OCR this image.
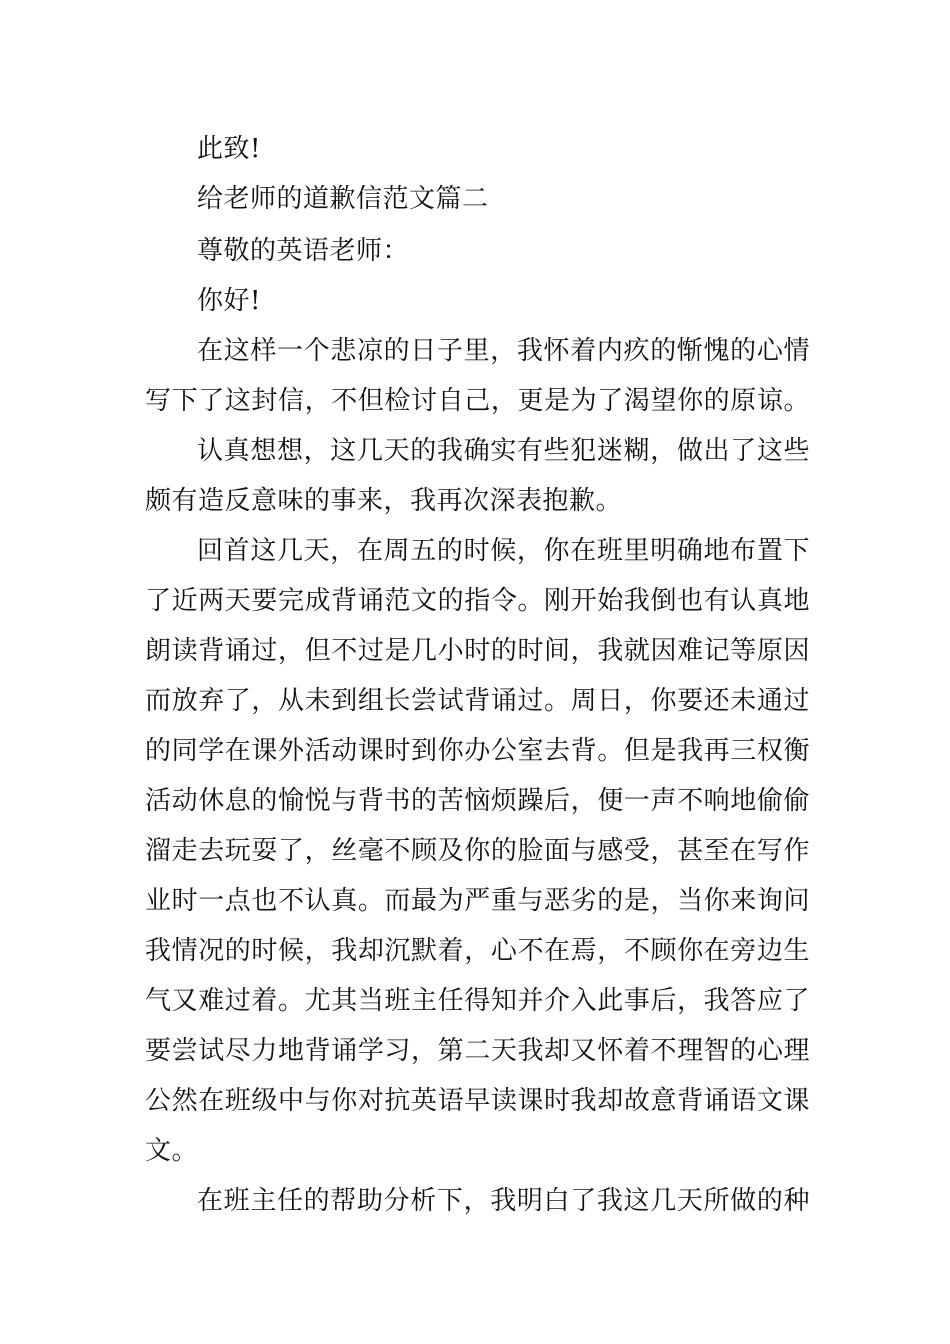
此致!

给老师的道歉信范文篇二

尊敬的英语老师：

你好!

在这样一个悲凉的日子里，我怀着内疚的惭愧的心情

写下了这封信，不但检讨自己，更是为了渴望你的原谅。

认真想想，这几天的我确实有些犯迷糊，做出了这些

颇有造反意味的事来，我再次深表抱歉。

回首这几天，在周五的时候，你在班里明确地布置下

了近两天要完成背诵范文的指令。刚开始我倒也有认真地

朗读背诵过，但不过是几小时的时间，我就因难记等原因

而放弃了，从未到组长尝试背诵过。周日，你要还未通过

的同学在课外活动课时到你办公室去背。但是我再三权衡

活动休息的愉悦与背书的苦恼烦躁后，便一声不响地偷偷

溜走去玩耍了，丝毫不顾及你的脸面与感受，甚至在写作

业时一点也不认真。而最为严重与恶劣的是，当你来询问

我情况的时候，我却沉默着，心不在焉，不顾你在旁边生

气又难过着。尤其当班主任得知并介入此事后，我答应了

要尝试尽力地背诵学习，第二天我却又怀着不理智的心理

公然在班级中与你对抗英语早读课时我却故意背诵语文课

文。

在班主任的帮助分析下，我明白了我这几天所做的种
